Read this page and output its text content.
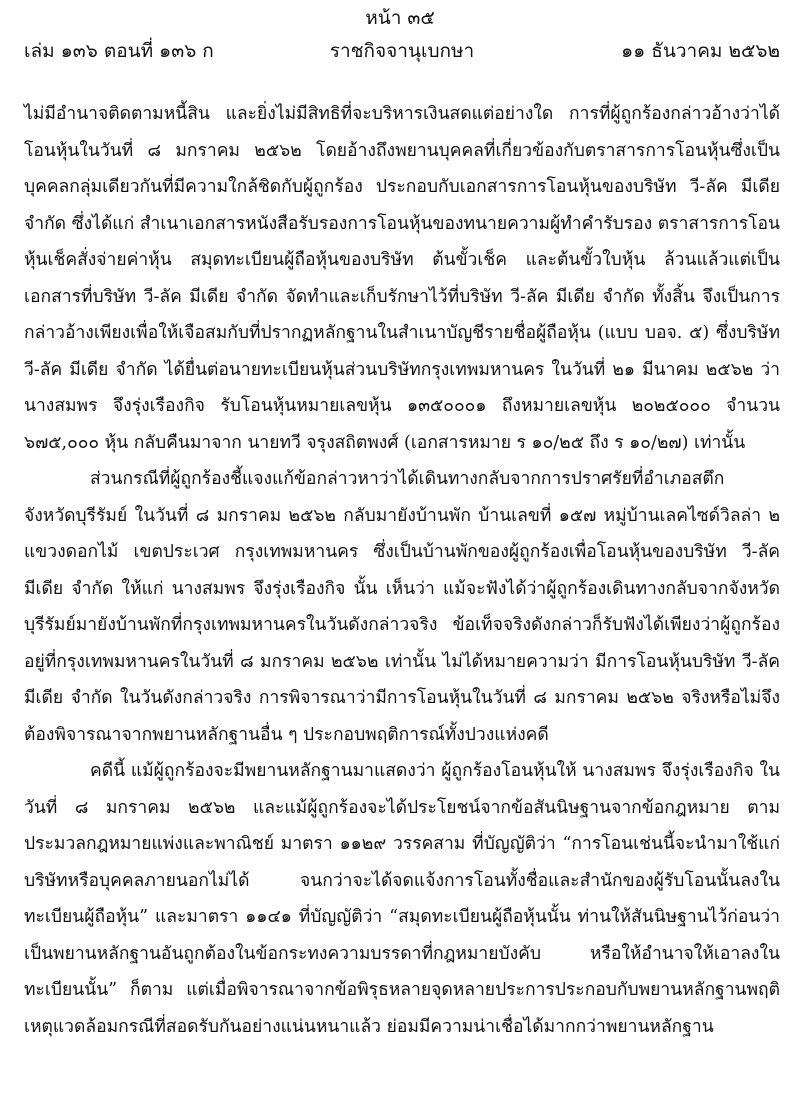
หน้า ๓๕
เล่ม ๑๓๖ ตอนที่ ๑๓๖ ก	ราชกิจจานุเบกษา	๑๑ ธันวาคม ๒๕๖๒

ไม่มีอำนาจติดตามหนี้สิน และยิ่งไม่มีสิทธิที่จะบริหารเงินสดแต่อย่างใด การที่ผู้ถูกร้องกล่าวอ้างว่าได้โอนหุ้นในวันที่ ๘ มกราคม ๒๕๖๒ โดยอ้างถึงพยานบุคคลที่เกี่ยวข้องกับตราสารการโอนหุ้นซึ่งเป็นบุคคลกลุ่มเดียวกันที่มีความใกล้ชิดกับผู้ถูกร้อง ประกอบกับเอกสารการโอนหุ้นของบริษัท วี-ลัค มีเดีย จำกัด ซึ่งได้แก่ สำเนาเอกสารหนังสือรับรองการโอนหุ้นของทนายความผู้ทำคำรับรอง ตราสารการโอนหุ้นเช็คสั่งจ่ายค่าหุ้น สมุดทะเบียนผู้ถือหุ้นของบริษัท ต้นขั้วเช็ค และต้นขั้วใบหุ้น ล้วนแล้วแต่เป็นเอกสารที่บริษัท วี-ลัค มีเดีย จำกัด จัดทำและเก็บรักษาไว้ที่บริษัท วี-ลัค มีเดีย จำกัด ทั้งสิ้น จึงเป็นการกล่าวอ้างเพียงเพื่อให้เจือสมกับที่ปรากฏหลักฐานในสำเนาบัญชีรายชื่อผู้ถือหุ้น (แบบ บอจ. ๕) ซึ่งบริษัท วี-ลัค มีเดีย จำกัด ได้ยื่นต่อนายทะเบียนหุ้นส่วนบริษัทกรุงเทพมหานคร ในวันที่ ๒๑ มีนาคม ๒๕๖๒ ว่า นางสมพร จึงรุ่งเรืองกิจ รับโอนหุ้นหมายเลขหุ้น ๑๓๕๐๐๐๑ ถึงหมายเลขหุ้น ๒๐๒๕๐๐๐ จำนวน ๖๗๕,๐๐๐ หุ้น กลับคืนมาจาก นายทวี จรุงสถิตพงศ์ (เอกสารหมาย ร ๑๐/๒๕ ถึง ร ๑๐/๒๗) เท่านั้น

ส่วนกรณีที่ผู้ถูกร้องชี้แจงแก้ข้อกล่าวหาว่าได้เดินทางกลับจากการปราศรัยที่อำเภอสตึก จังหวัดบุรีรัมย์ ในวันที่ ๘ มกราคม ๒๕๖๒ กลับมายังบ้านพัก บ้านเลขที่ ๑๕๗ หมู่บ้านเลคไซด์วิลล่า ๒ แขวงดอกไม้ เขตประเวศ กรุงเทพมหานคร ซึ่งเป็นบ้านพักของผู้ถูกร้องเพื่อโอนหุ้นของบริษัท วี-ลัค มีเดีย จำกัด ให้แก่ นางสมพร จึงรุ่งเรืองกิจ นั้น เห็นว่า แม้จะฟังได้ว่าผู้ถูกร้องเดินทางกลับจากจังหวัดบุรีรัมย์มายังบ้านพักที่กรุงเทพมหานครในวันดังกล่าวจริง ข้อเท็จจริงดังกล่าวก็รับฟังได้เพียงว่าผู้ถูกร้องอยู่ที่กรุงเทพมหานครในวันที่ ๘ มกราคม ๒๕๖๒ เท่านั้น ไม่ได้หมายความว่า มีการโอนหุ้นบริษัท วี-ลัค มีเดีย จำกัด ในวันดังกล่าวจริง การพิจารณาว่ามีการโอนหุ้นในวันที่ ๘ มกราคม ๒๕๖๒ จริงหรือไม่จึงต้องพิจารณาจากพยานหลักฐานอื่น ๆ ประกอบพฤติการณ์ทั้งปวงแห่งคดี

คดีนี้ แม้ผู้ถูกร้องจะมีพยานหลักฐานมาแสดงว่า ผู้ถูกร้องโอนหุ้นให้ นางสมพร จึงรุ่งเรืองกิจ ในวันที่ ๘ มกราคม ๒๕๖๒ และแม้ผู้ถูกร้องจะได้ประโยชน์จากข้อสันนิษฐานจากข้อกฎหมาย ตามประมวลกฎหมายแพ่งและพาณิชย์ มาตรา ๑๑๒๙ วรรคสาม ที่บัญญัติว่า “การโอนเช่นนี้จะนำมาใช้แก่บริษัทหรือบุคคลภายนอกไม่ได้ จนกว่าจะได้จดแจ้งการโอนทั้งชื่อและสำนักของผู้รับโอนนั้นลงในทะเบียนผู้ถือหุ้น” และมาตรา ๑๑๔๑ ที่บัญญัติว่า “สมุดทะเบียนผู้ถือหุ้นนั้น ท่านให้สันนิษฐานไว้ก่อนว่าเป็นพยานหลักฐานอันถูกต้องในข้อกระทงความบรรดาที่กฎหมายบังคับ หรือให้อำนาจให้เอาลงในทะเบียนนั้น” ก็ตาม แต่เมื่อพิจารณาจากข้อพิรุธหลายจุดหลายประการประกอบกับพยานหลักฐานพฤติเหตุแวดล้อมกรณีที่สอดรับกันอย่างแน่นหนาแล้ว ย่อมมีความน่าเชื่อได้มากกว่าพยานหลักฐาน
